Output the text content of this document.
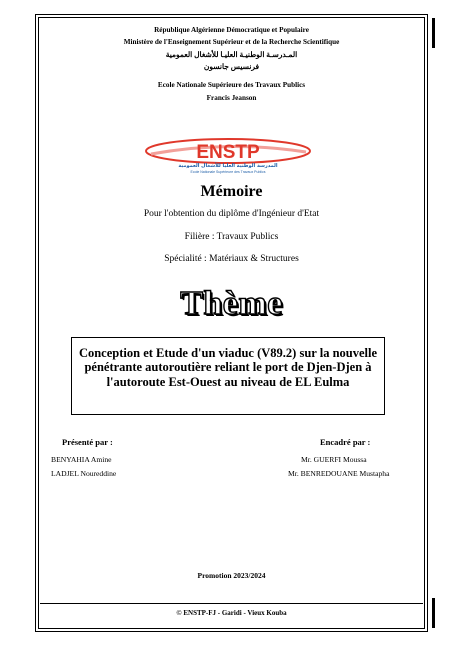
République Algérienne Démocratique et Populaire
Ministère de l'Enseignement Supérieur et de la Recherche Scientifique
المـدرسـة الوطنيـة العليـا للأشغال العمومية
فرنسيس جانسون
Ecole Nationale Supérieure des Travaux Publics
Francis Jeanson
ENSTP
المدرسة الوطنية العليا للأشغال العمومية
Ecole Nationale Supérieure des Travaux Publics
Mémoire
Pour l'obtention du diplôme d'Ingénieur d'Etat
Filière : Travaux Publics
Spécialité : Matériaux & Structures
Thème
Conception et Etude d'un viaduc (V89.2) sur la nouvelle pénétrante autoroutière reliant le port de Djen-Djen à l'autoroute Est-Ouest au niveau de EL Eulma
Présenté par :
BENYAHIA Amine
LADJEL Noureddine
Encadré par :
Mr. GUERFI Moussa
Mr. BENREDOUANE Mustapha
Promotion 2023/2024
© ENSTP-FJ - Garidi - Vieux Kouba
